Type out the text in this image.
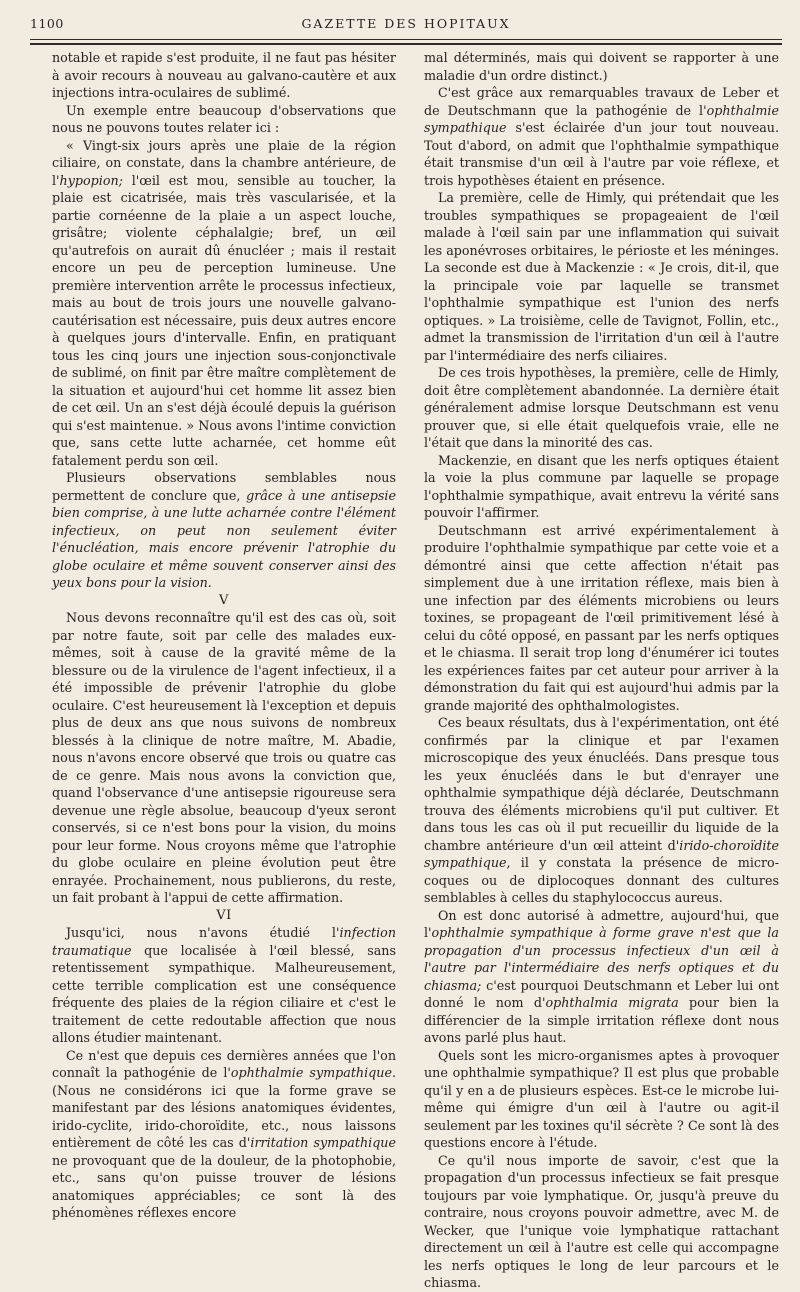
1100	GAZETTE DES HOPITAUX

notable et rapide s'est produite, il ne faut pas hésiter à avoir recours à nouveau au galvano-cautère et aux injections intra-oculaires de sublimé.

Un exemple entre beaucoup d'observations que nous ne pouvons toutes relater ici :

« Vingt-six jours après une plaie de la région ciliaire, on constate, dans la chambre antérieure, de l'hypopion; l'œil est mou, sensible au toucher, la plaie est cicatrisée, mais très vascularisée, et la partie cornéenne de la plaie a un aspect louche, grisâtre; violente céphalalgie; bref, un œil qu'autrefois on aurait dû énucléer ; mais il restait encore un peu de perception lumineuse. Une première intervention arrête le processus infectieux, mais au bout de trois jours une nouvelle galvano-cautérisation est nécessaire, puis deux autres encore à quelques jours d'intervalle. Enfin, en pratiquant tous les cinq jours une injection sous-conjonctivale de sublimé, on finit par être maître complètement de la situation et aujourd'hui cet homme lit assez bien de cet œil. Un an s'est déjà écoulé depuis la guérison qui s'est maintenue. » Nous avons l'intime conviction que, sans cette lutte acharnée, cet homme eût fatalement perdu son œil.

Plusieurs observations semblables nous permettent de conclure que, grâce à une antisepsie bien comprise, à une lutte acharnée contre l'élément infectieux, on peut non seulement éviter l'énucléation, mais encore prévenir l'atrophie du globe oculaire et même souvent conserver ainsi des yeux bons pour la vision.

V

Nous devons reconnaître qu'il est des cas où, soit par notre faute, soit par celle des malades eux-mêmes, soit à cause de la gravité même de la blessure ou de la virulence de l'agent infectieux, il a été impossible de prévenir l'atrophie du globe oculaire. C'est heureusement là l'exception et depuis plus de deux ans que nous suivons de nombreux blessés à la clinique de notre maître, M. Abadie, nous n'avons encore observé que trois ou quatre cas de ce genre. Mais nous avons la conviction que, quand l'observance d'une antisepsie rigoureuse sera devenue une règle absolue, beaucoup d'yeux seront conservés, si ce n'est bons pour la vision, du moins pour leur forme. Nous croyons même que l'atrophie du globe oculaire en pleine évolution peut être enrayée. Prochainement, nous publierons, du reste, un fait probant à l'appui de cette affirmation.

VI

Jusqu'ici, nous n'avons étudié l'infection traumatique que localisée à l'œil blessé, sans retentissement sympathique. Malheureusement, cette terrible complication est une conséquence fréquente des plaies de la région ciliaire et c'est le traitement de cette redoutable affection que nous allons étudier maintenant.

Ce n'est que depuis ces dernières années que l'on connaît la pathogénie de l'ophthalmie sympathique. (Nous ne considérons ici que la forme grave se manifestant par des lésions anatomiques évidentes, irido-cyclite, irido-choroïdite, etc., nous laissons entièrement de côté les cas d'irritation sympathique ne provoquant que de la douleur, de la photophobie, etc., sans qu'on puisse trouver de lésions anatomiques appréciables; ce sont là des phénomènes réflexes encore

mal déterminés, mais qui doivent se rapporter à une maladie d'un ordre distinct.)

C'est grâce aux remarquables travaux de Leber et de Deutschmann que la pathogénie de l'ophthalmie sympathique s'est éclairée d'un jour tout nouveau. Tout d'abord, on admit que l'ophthalmie sympathique était transmise d'un œil à l'autre par voie réflexe, et trois hypothèses étaient en présence.

La première, celle de Himly, qui prétendait que les troubles sympathiques se propageaient de l'œil malade à l'œil sain par une inflammation qui suivait les aponévroses orbitaires, le périoste et les méninges. La seconde est due à Mackenzie : « Je crois, dit-il, que la principale voie par laquelle se transmet l'ophthalmie sympathique est l'union des nerfs optiques. » La troisième, celle de Tavignot, Follin, etc., admet la transmission de l'irritation d'un œil à l'autre par l'intermédiaire des nerfs ciliaires.

De ces trois hypothèses, la première, celle de Himly, doit être complètement abandonnée. La dernière était généralement admise lorsque Deutschmann est venu prouver que, si elle était quelquefois vraie, elle ne l'était que dans la minorité des cas.

Mackenzie, en disant que les nerfs optiques étaient la voie la plus commune par laquelle se propage l'ophthalmie sympathique, avait entrevu la vérité sans pouvoir l'affirmer.

Deutschmann est arrivé expérimentalement à produire l'ophthalmie sympathique par cette voie et a démontré ainsi que cette affection n'était pas simplement due à une irritation réflexe, mais bien à une infection par des éléments microbiens ou leurs toxines, se propageant de l'œil primitivement lésé à celui du côté opposé, en passant par les nerfs optiques et le chiasma. Il serait trop long d'énumérer ici toutes les expériences faites par cet auteur pour arriver à la démonstration du fait qui est aujourd'hui admis par la grande majorité des ophthalmologistes.

Ces beaux résultats, dus à l'expérimentation, ont été confirmés par la clinique et par l'examen microscopique des yeux énucléés. Dans presque tous les yeux énucléés dans le but d'enrayer une ophthalmie sympathique déjà déclarée, Deutschmann trouva des éléments microbiens qu'il put cultiver. Et dans tous les cas où il put recueillir du liquide de la chambre antérieure d'un œil atteint d'irido-choroïdite sympathique, il y constata la présence de micro-coques ou de diplocoques donnant des cultures semblables à celles du staphylococcus aureus.

On est donc autorisé à admettre, aujourd'hui, que l'ophthalmie sympathique à forme grave n'est que la propagation d'un processus infectieux d'un œil à l'autre par l'intermédiaire des nerfs optiques et du chiasma; c'est pourquoi Deutschmann et Leber lui ont donné le nom d'ophthalmia migrata pour bien la différencier de la simple irritation réflexe dont nous avons parlé plus haut.

Quels sont les micro-organismes aptes à provoquer une ophthalmie sympathique? Il est plus que probable qu'il y en a de plusieurs espèces. Est-ce le microbe lui-même qui émigre d'un œil à l'autre ou agit-il seulement par les toxines qu'il sécrète ? Ce sont là des questions encore à l'étude.

Ce qu'il nous importe de savoir, c'est que la propagation d'un processus infectieux se fait presque toujours par voie lymphatique. Or, jusqu'à preuve du contraire, nous croyons pouvoir admettre, avec M. de Wecker, que l'unique voie lymphatique rattachant directement un œil à l'autre est celle qui accompagne les nerfs optiques le long de leur parcours et le chiasma.
